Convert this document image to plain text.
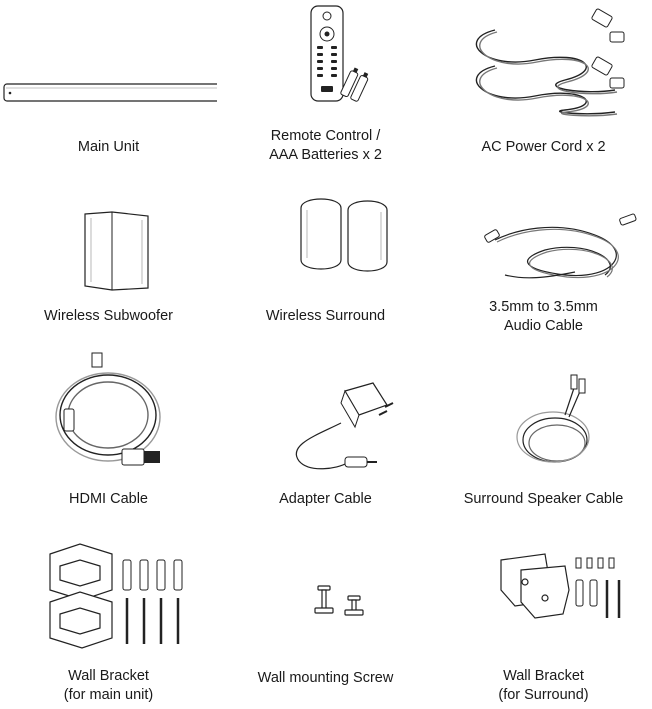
Main Unit
Remote Control /
AAA Batteries x 2	AC Power Cord x 2
Wireless Subwoofer	Wireless Surround
3.5mm to 3.5mm
Audio Cable
HDMI Cable	Adapter Cable	Surround Speaker Cable
Wall Bracket
(for main unit)
Wall mounting Screw	Wall Bracket
(for Surround)
